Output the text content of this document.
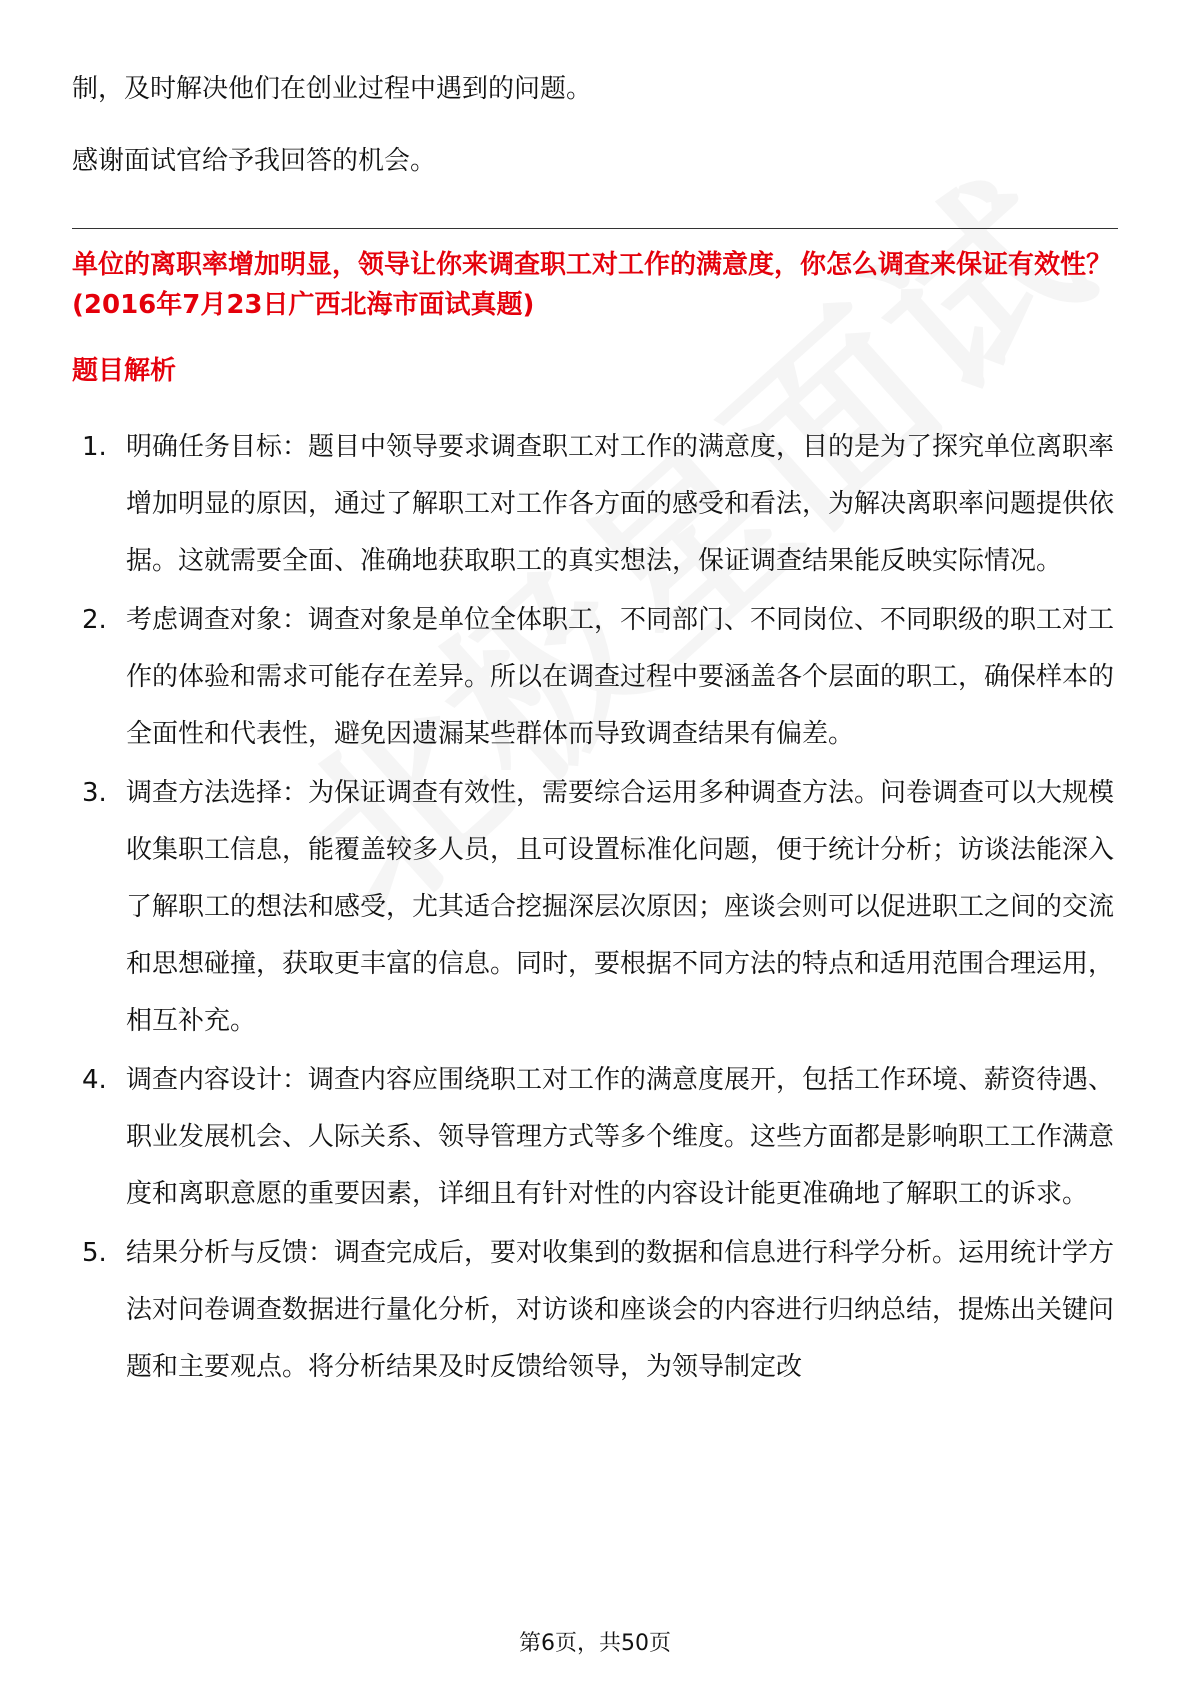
制，及时解决他们在创业过程中遇到的问题。

感谢面试官给予我回答的机会。

单位的离职率增加明显，领导让你来调查职工对工作的满意度，你怎么调查来保证有效性？(2016年7月23日广西北海市面试真题)

题目解析

1. 明确任务目标：题目中领导要求调查职工对工作的满意度，目的是为了探究单位离职率增加明显的原因，通过了解职工对工作各方面的感受和看法，为解决离职率问题提供依据。这就需要全面、准确地获取职工的真实想法，保证调查结果能反映实际情况。
2. 考虑调查对象：调查对象是单位全体职工，不同部门、不同岗位、不同职级的职工对工作的体验和需求可能存在差异。所以在调查过程中要涵盖各个层面的职工，确保样本的全面性和代表性，避免因遗漏某些群体而导致调查结果有偏差。
3. 调查方法选择：为保证调查有效性，需要综合运用多种调查方法。问卷调查可以大规模收集职工信息，能覆盖较多人员，且可设置标准化问题，便于统计分析；访谈法能深入了解职工的想法和感受，尤其适合挖掘深层次原因；座谈会则可以促进职工之间的交流和思想碰撞，获取更丰富的信息。同时，要根据不同方法的特点和适用范围合理运用，相互补充。
4. 调查内容设计：调查内容应围绕职工对工作的满意度展开，包括工作环境、薪资待遇、职业发展机会、人际关系、领导管理方式等多个维度。这些方面都是影响职工工作满意度和离职意愿的重要因素，详细且有针对性的内容设计能更准确地了解职工的诉求。
5. 结果分析与反馈：调查完成后，要对收集到的数据和信息进行科学分析。运用统计学方法对问卷调查数据进行量化分析，对访谈和座谈会的内容进行归纳总结，提炼出关键问题和主要观点。将分析结果及时反馈给领导，为领导制定改
第6页，共50页
